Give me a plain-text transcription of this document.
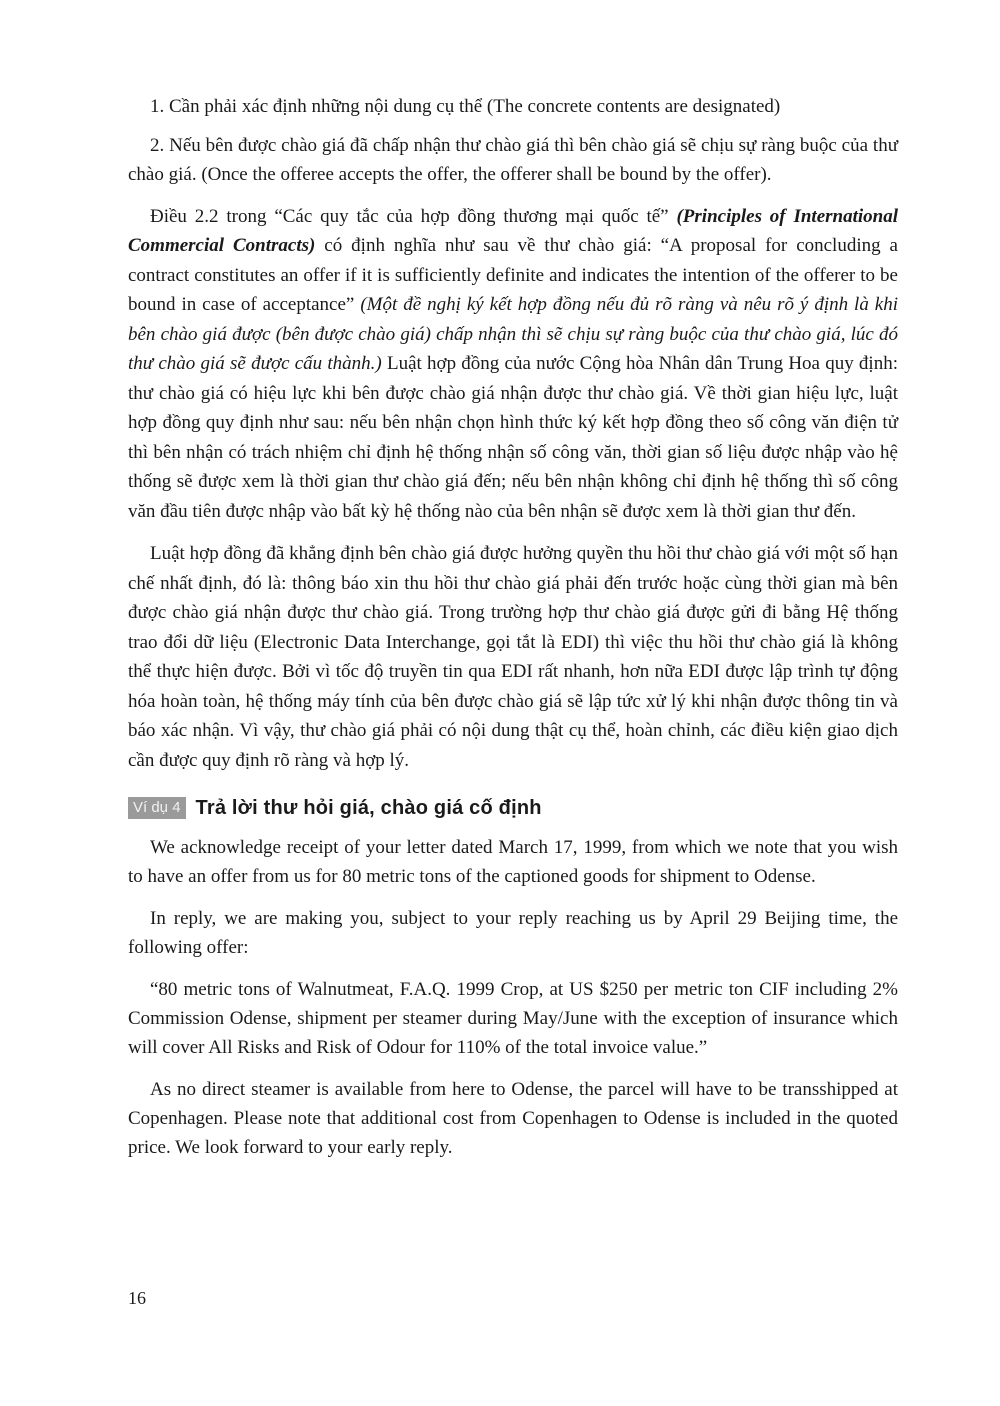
1. Cần phải xác định những nội dung cụ thể (The concrete contents are designated)

2. Nếu bên được chào giá đã chấp nhận thư chào giá thì bên chào giá sẽ chịu sự ràng buộc của thư chào giá. (Once the offeree accepts the offer, the offerer shall be bound by the offer).

Điều 2.2 trong “Các quy tắc của hợp đồng thương mại quốc tế” (Principles of International Commercial Contracts) có định nghĩa như sau về thư chào giá: “A proposal for concluding a contract constitutes an offer if it is sufficiently definite and indicates the intention of the offerer to be bound in case of acceptance” (Một đề nghị ký kết hợp đồng nếu đủ rõ ràng và nêu rõ ý định là khi bên chào giá được (bên được chào giá) chấp nhận thì sẽ chịu sự ràng buộc của thư chào giá, lúc đó thư chào giá sẽ được cấu thành.) Luật hợp đồng của nước Cộng hòa Nhân dân Trung Hoa quy định: thư chào giá có hiệu lực khi bên được chào giá nhận được thư chào giá. Về thời gian hiệu lực, luật hợp đồng quy định như sau: nếu bên nhận chọn hình thức ký kết hợp đồng theo số công văn điện tử thì bên nhận có trách nhiệm chỉ định hệ thống nhận số công văn, thời gian số liệu được nhập vào hệ thống sẽ được xem là thời gian thư chào giá đến; nếu bên nhận không chỉ định hệ thống thì số công văn đầu tiên được nhập vào bất kỳ hệ thống nào của bên nhận sẽ được xem là thời gian thư đến.

Luật hợp đồng đã khẳng định bên chào giá được hưởng quyền thu hồi thư chào giá với một số hạn chế nhất định, đó là: thông báo xin thu hồi thư chào giá phải đến trước hoặc cùng thời gian mà bên được chào giá nhận được thư chào giá. Trong trường hợp thư chào giá được gửi đi bằng Hệ thống trao đổi dữ liệu (Electronic Data Interchange, gọi tắt là EDI) thì việc thu hồi thư chào giá là không thể thực hiện được. Bởi vì tốc độ truyền tin qua EDI rất nhanh, hơn nữa EDI được lập trình tự động hóa hoàn toàn, hệ thống máy tính của bên được chào giá sẽ lập tức xử lý khi nhận được thông tin và báo xác nhận. Vì vậy, thư chào giá phải có nội dung thật cụ thể, hoàn chỉnh, các điều kiện giao dịch cần được quy định rõ ràng và hợp lý.

Ví dụ 4 Trả lời thư hỏi giá, chào giá cố định

We acknowledge receipt of your letter dated March 17, 1999, from which we note that you wish to have an offer from us for 80 metric tons of the captioned goods for shipment to Odense.

In reply, we are making you, subject to your reply reaching us by April 29 Beijing time, the following offer:

“80 metric tons of Walnutmeat, F.A.Q. 1999 Crop, at US $250 per metric ton CIF including 2% Commission Odense, shipment per steamer during May/June with the exception of insurance which will cover All Risks and Risk of Odour for 110% of the total invoice value.”

As no direct steamer is available from here to Odense, the parcel will have to be transshipped at Copenhagen. Please note that additional cost from Copenhagen to Odense is included in the quoted price. We look forward to your early reply.

16
